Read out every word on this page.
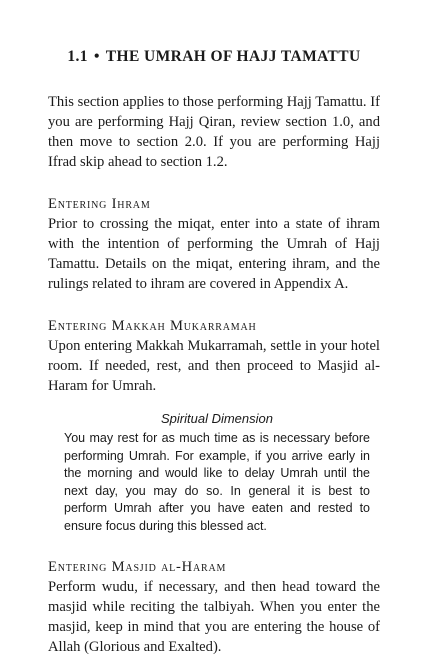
1.1 • THE UMRAH OF HAJJ TAMATTU

This section applies to those performing Hajj Tamattu. If you are performing Hajj Qiran, review section 1.0, and then move to section 2.0. If you are performing Hajj Ifrad skip ahead to section 1.2.

Entering Ihram

Prior to crossing the miqat, enter into a state of ihram with the intention of performing the Umrah of Hajj Tamattu. Details on the miqat, entering ihram, and the rulings related to ihram are covered in Appendix A.

Entering Makkah Mukarramah

Upon entering Makkah Mukarramah, settle in your hotel room. If needed, rest, and then proceed to Masjid al-Haram for Umrah.

Spiritual Dimension
You may rest for as much time as is necessary before performing Umrah. For example, if you arrive early in the morning and would like to delay Umrah until the next day, you may do so. In general it is best to perform Umrah after you have eaten and rested to ensure focus during this blessed act.
Entering Masjid al-Haram

Perform wudu, if necessary, and then head toward the masjid while reciting the talbiyah. When you enter the masjid, keep in mind that you are entering the house of Allah (Glorious and Exalted).
